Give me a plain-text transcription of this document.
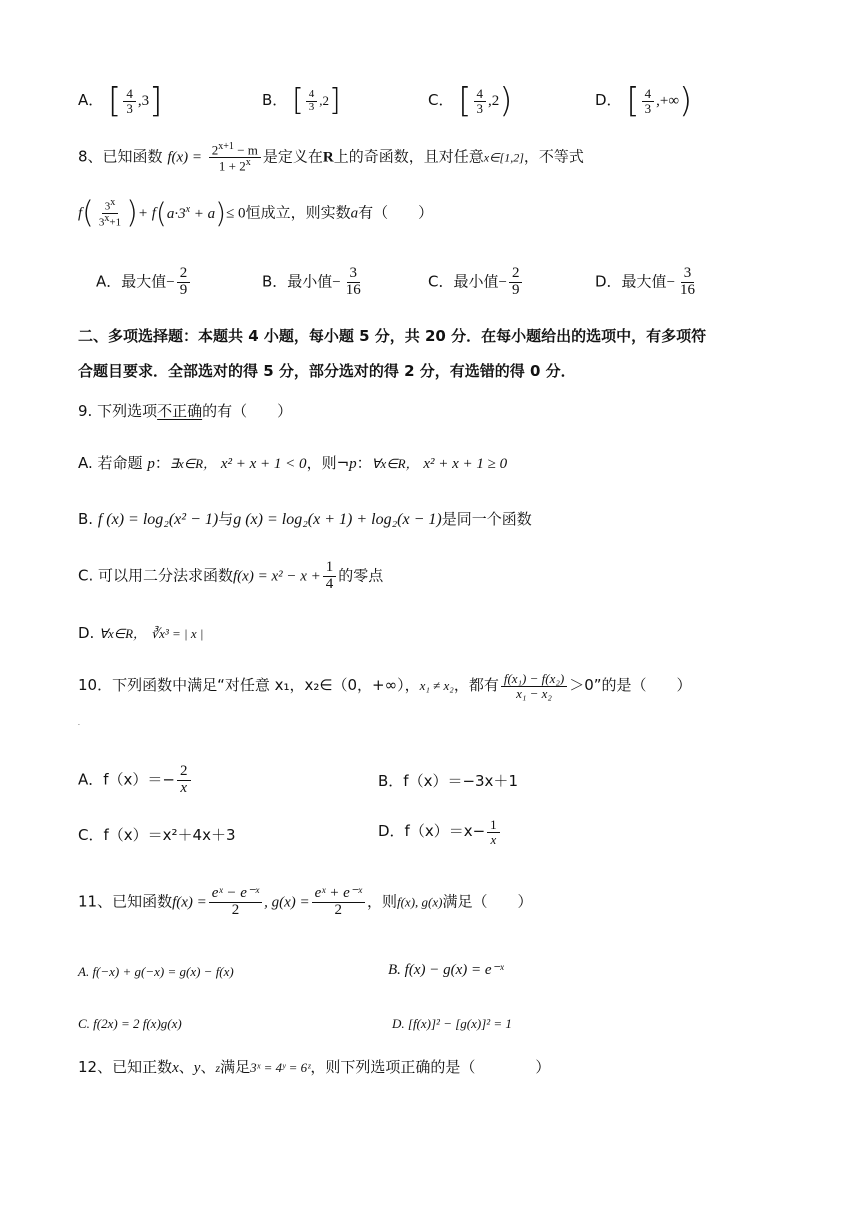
A． [ $\frac{4}{3} ,3$]	B． [ $\frac{4}{3} ,2$]	C． [ $\frac{4}{3} ,2$)	D． [ $\frac{4}{3}$ ,+∞)
8、已知函数 $f(x) = \frac{2^{x+1} - m}{1 + 2^x}$ 是定义在R上的奇函数，且对任意x∈[1,2]，不等式
$f( \frac{3^x}{3^x+1}$ )+ $f(a\cdot 3^x + a)\le 0$恒成立，则实数a有（　　）
A．最大值− $\frac{2}{9}$	B．最小值− $\frac{3}{16}$	C．最小值− $\frac{2}{9}$	D．最大值− $\frac{3}{16}$
二、多项选择题：本题共 4 小题，每小题 5 分，共 20 分．在每小题给出的选项中，有多项符
合题目要求．全部选对的得 5 分，部分选对的得 2 分，有选错的得 0 分．
9. 下列选项不正确的有（　　）
A. 若命题 p：∃x∈R， x² + x + 1 < 0，则¬p：∀x∈R， x² + x + 1 ≥ 0
B. f (x) = log₂(x² − 1)与g (x) = log₂(x + 1) + log₂(x − 1)是同一个函数
C. 可以用二分法求函数$f(x) = x^2 - x + \frac{1}{4}$ 的零点
D. ∀x∈R， ∛x³ = | x |
10．下列函数中满足“对任意 x₁，x₂∈（0，+∞），x₁ ≠ x₂，都有 $\frac{\text{f(x₁) − f(x₂)}}{\text{x₁ − x₂}} >0$”的是（　　）
·
A．$f(x)=- \frac{2}{x}$	B．f（x）＝−3x＋1
C．f（x）＝x²＋4x＋3	D．$f(x)=x- \frac{1}{x}$
11、已知函数$f(x) = \frac{\text{eˣ − e⁻ˣ}}{2}$ , $g(x) = \frac{\text{eˣ + e⁻ˣ}}{2}$ ，则f(x), g(x)满足（　　）
A. f(−x) + g(−x) = g(x) − f(x)	B. f(x) − g(x) = e⁻ˣ
C. f(2x) = 2 f(x)g(x)	D. [f(x)]² − [g(x)]² = 1
12、已知正数x、y、z满足3ˣ = 4ʸ = 6ᶻ，则下列选项正确的是（　　　　）
